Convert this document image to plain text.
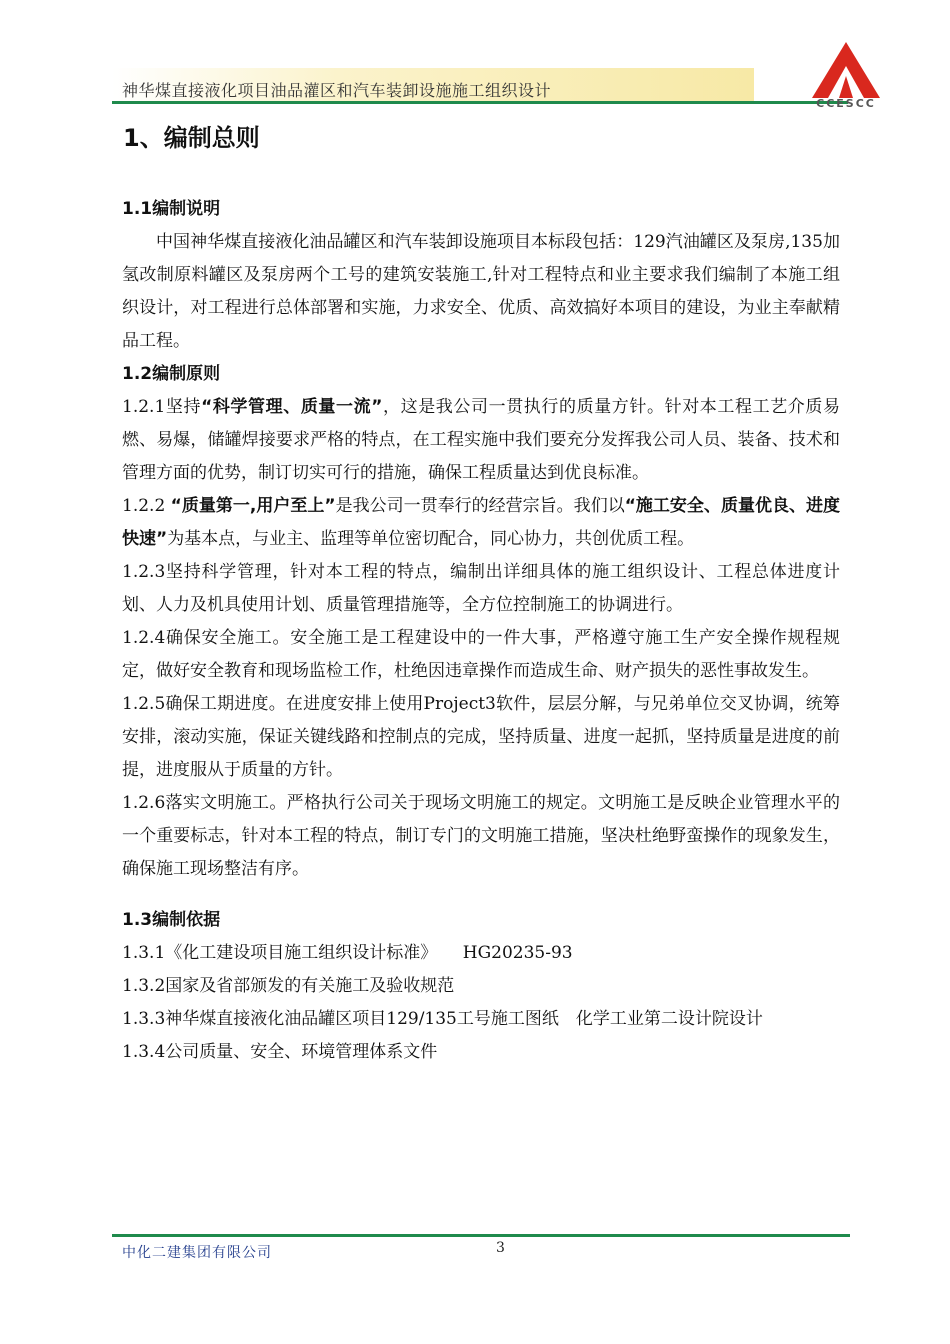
神华煤直接液化项目油品灌区和汽车装卸设施施工组织设计
CCESCC
1、编制总则
1.1编制说明

中国神华煤直接液化油品罐区和汽车装卸设施项目本标段包括：129汽油罐区及泵房,135加氢改制原料罐区及泵房两个工号的建筑安装施工,针对工程特点和业主要求我们编制了本施工组织设计，对工程进行总体部署和实施，力求安全、优质、高效搞好本项目的建设，为业主奉献精品工程。

1.2编制原则

1.2.1坚持“科学管理、质量一流”，这是我公司一贯执行的质量方针。针对本工程工艺介质易燃、易爆，储罐焊接要求严格的特点，在工程实施中我们要充分发挥我公司人员、装备、技术和管理方面的优势，制订切实可行的措施，确保工程质量达到优良标准。

1.2.2 “质量第一,用户至上”是我公司一贯奉行的经营宗旨。我们以“施工安全、质量优良、进度快速”为基本点，与业主、监理等单位密切配合，同心协力，共创优质工程。

1.2.3坚持科学管理，针对本工程的特点，编制出详细具体的施工组织设计、工程总体进度计划、人力及机具使用计划、质量管理措施等，全方位控制施工的协调进行。

1.2.4确保安全施工。安全施工是工程建设中的一件大事，严格遵守施工生产安全操作规程规定，做好安全教育和现场监检工作，杜绝因违章操作而造成生命、财产损失的恶性事故发生。

1.2.5确保工期进度。在进度安排上使用Project3软件，层层分解，与兄弟单位交叉协调，统筹安排，滚动实施，保证关键线路和控制点的完成，坚持质量、进度一起抓，坚持质量是进度的前提，进度服从于质量的方针。

1.2.6落实文明施工。严格执行公司关于现场文明施工的规定。文明施工是反映企业管理水平的一个重要标志，针对本工程的特点，制订专门的文明施工措施，坚决杜绝野蛮操作的现象发生，确保施工现场整洁有序。

1.3编制依据

1.3.1《化工建设项目施工组织设计标准》　　HG20235-93

1.3.2国家及省部颁发的有关施工及验收规范

1.3.3神华煤直接液化油品罐区项目129/135工号施工图纸　化学工业第二设计院设计

1.3.4公司质量、安全、环境管理体系文件

中化二建集团有限公司	3
